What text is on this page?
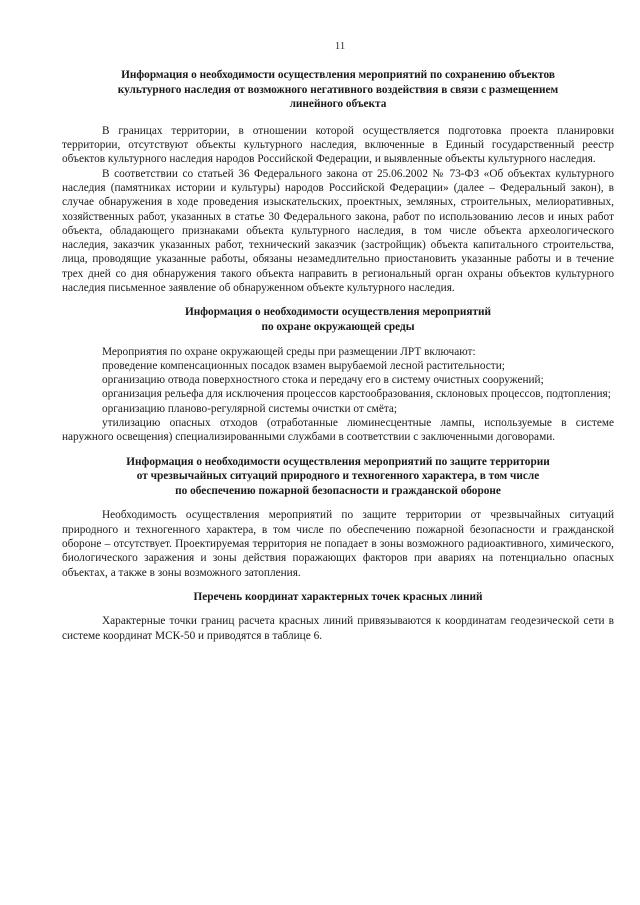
11
Информация о необходимости осуществления мероприятий по сохранению объектов
культурного наследия от возможного негативного воздействия в связи с размещением
линейного объекта

В границах территории, в отношении которой осуществляется подготовка проекта планировки территории, отсутствуют объекты культурного наследия, включенные в Единый государственный реестр объектов культурного наследия народов Российской Федерации, и выявленные объекты культурного наследия.

В соответствии со статьей 36 Федерального закона от 25.06.2002 № 73-ФЗ «Об объектах культурного наследия (памятниках истории и культуры) народов Российской Федерации» (далее – Федеральный закон), в случае обнаружения в ходе проведения изыскательских, проектных, земляных, строительных, мелиоративных, хозяйственных работ, указанных в статье 30 Федерального закона, работ по использованию лесов и иных работ объекта, обладающего признаками объекта культурного наследия, в том числе объекта археологического наследия, заказчик указанных работ, технический заказчик (застройщик) объекта капитального строительства, лица, проводящие указанные работы, обязаны незамедлительно приостановить указанные работы и в течение трех дней со дня обнаружения такого объекта направить в региональный орган охраны объектов культурного наследия письменное заявление об обнаруженном объекте культурного наследия.

Информация о необходимости осуществления мероприятий
по охране окружающей среды

Мероприятия по охране окружающей среды при размещении ЛРТ включают:

проведение компенсационных посадок взамен вырубаемой лесной растительности;

организацию отвода поверхностного стока и передачу его в систему очистных сооружений;

организация рельефа для исключения процессов карстообразования, склоновых процессов, подтопления;

организацию планово-регулярной системы очистки от смёта;

утилизацию опасных отходов (отработанные люминесцентные лампы, используемые в системе наружного освещения) специализированными службами в соответствии с заключенными договорами.

Информация о необходимости осуществления мероприятий по защите территории
от чрезвычайных ситуаций природного и техногенного характера, в том числе
по обеспечению пожарной безопасности и гражданской обороне

Необходимость осуществления мероприятий по защите территории от чрезвычайных ситуаций природного и техногенного характера, в том числе по обеспечению пожарной безопасности и гражданской обороне – отсутствует. Проектируемая территория не попадает в зоны возможного радиоактивного, химического, биологического заражения и зоны действия поражающих факторов при авариях на потенциально опасных объектах, а также в зоны возможного затопления.

Перечень координат характерных точек красных линий

Характерные точки границ расчета красных линий привязываются к координатам геодезической сети в системе координат МСК-50 и приводятся в таблице 6.
